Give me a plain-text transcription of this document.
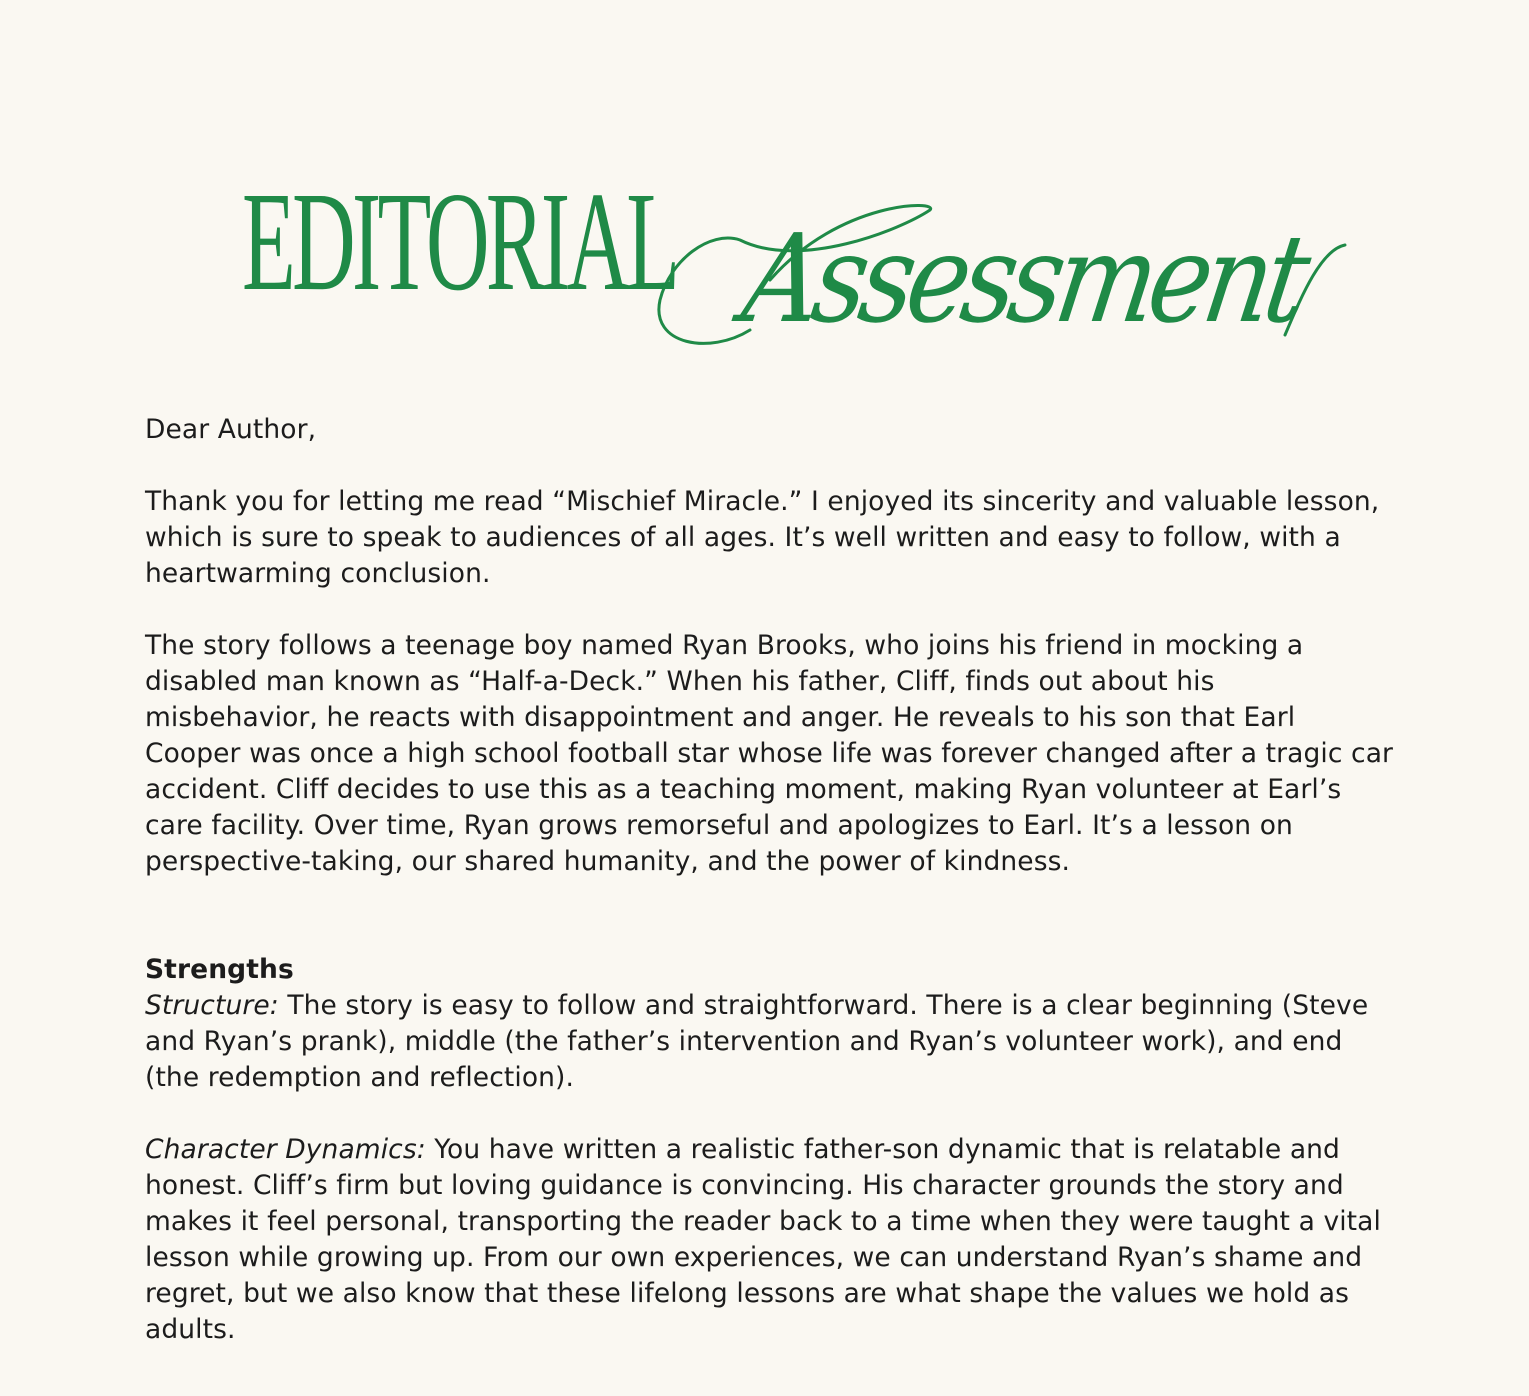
EDITORIAL Assessment

Dear Author,

Thank you for letting me read “Mischief Miracle.” I enjoyed its sincerity and valuable lesson, which is sure to speak to audiences of all ages. It’s well written and easy to follow, with a heartwarming conclusion.

The story follows a teenage boy named Ryan Brooks, who joins his friend in mocking a disabled man known as “Half-a-Deck.” When his father, Cliff, finds out about his misbehavior, he reacts with disappointment and anger. He reveals to his son that Earl Cooper was once a high school football star whose life was forever changed after a tragic car accident. Cliff decides to use this as a teaching moment, making Ryan volunteer at Earl’s care facility. Over time, Ryan grows remorseful and apologizes to Earl. It’s a lesson on perspective-taking, our shared humanity, and the power of kindness.

Strengths

Structure: The story is easy to follow and straightforward. There is a clear beginning (Steve and Ryan’s prank), middle (the father’s intervention and Ryan’s volunteer work), and end (the redemption and reflection).

Character Dynamics: You have written a realistic father-son dynamic that is relatable and honest. Cliff’s firm but loving guidance is convincing. His character grounds the story and makes it feel personal, transporting the reader back to a time when they were taught a vital lesson while growing up. From our own experiences, we can understand Ryan’s shame and regret, but we also know that these lifelong lessons are what shape the values we hold as adults.
